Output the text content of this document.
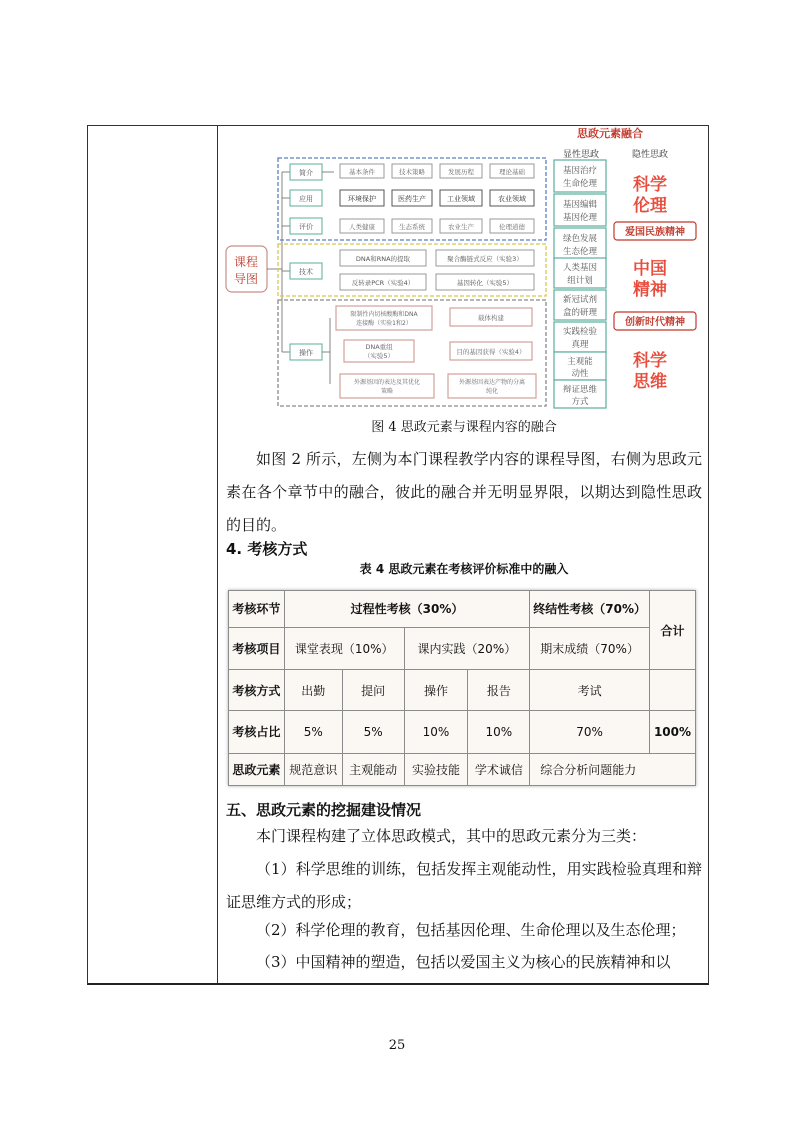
思政元素融合
显性思政	隐性思政
课程
导图
简介	基本条件	技术策略	发展历程	理论基础
应用	环境保护	医药生产	工业领域	农业领域
评价	人类健康	生态系统	农业生产	伦理道德
技术
DNA和RNA的提取	聚合酶链式反应（实验3）
反转录PCR（实验4）	基因转化（实验5）
操作
限制性内切核酸酶和DNA 连接酶（实验1和2）
载体构建
DNA重组（实验5）	目的基因获得（实验4）
外源基因的表达及其优化策略
外源基因表达产物的分离纯化
基因治疗生命伦理
基因编辑基因伦理
绿色发展生态伦理
人类基因组计划
新冠试剂盒的研理
实践检验真理
主观能动性
辩证思维方式
科学伦理
爱国民族精神
中国精神
创新时代精神
科学思维
图 4 思政元素与课程内容的融合
如图 2 所示，左侧为本门课程教学内容的课程导图，右侧为思政元素在各个章节中的融合，彼此的融合并无明显界限，以期达到隐性思政的目的。
4. 考核方式
表 4 思政元素在考核评价标准中的融入
考核环节	过程性考核（30%）				终结性考核（70%）	合计
考核项目	课堂表现（10%）		课内实践（20%）		期末成绩（70%）	
考核方式	出勤	提问	操作	报告	考试	
考核占比	5%	5%	10%	10%	70%	100%
思政元素	规范意识	主观能动	实验技能	学术诚信	综合分析问题能力	
五、思政元素的挖掘建设情况
本门课程构建了立体思政模式，其中的思政元素分为三类：
（1）科学思维的训练，包括发挥主观能动性，用实践检验真理和辩证思维方式的形成；
（2）科学伦理的教育，包括基因伦理、生命伦理以及生态伦理；
（3）中国精神的塑造，包括以爱国主义为核心的民族精神和以
25
